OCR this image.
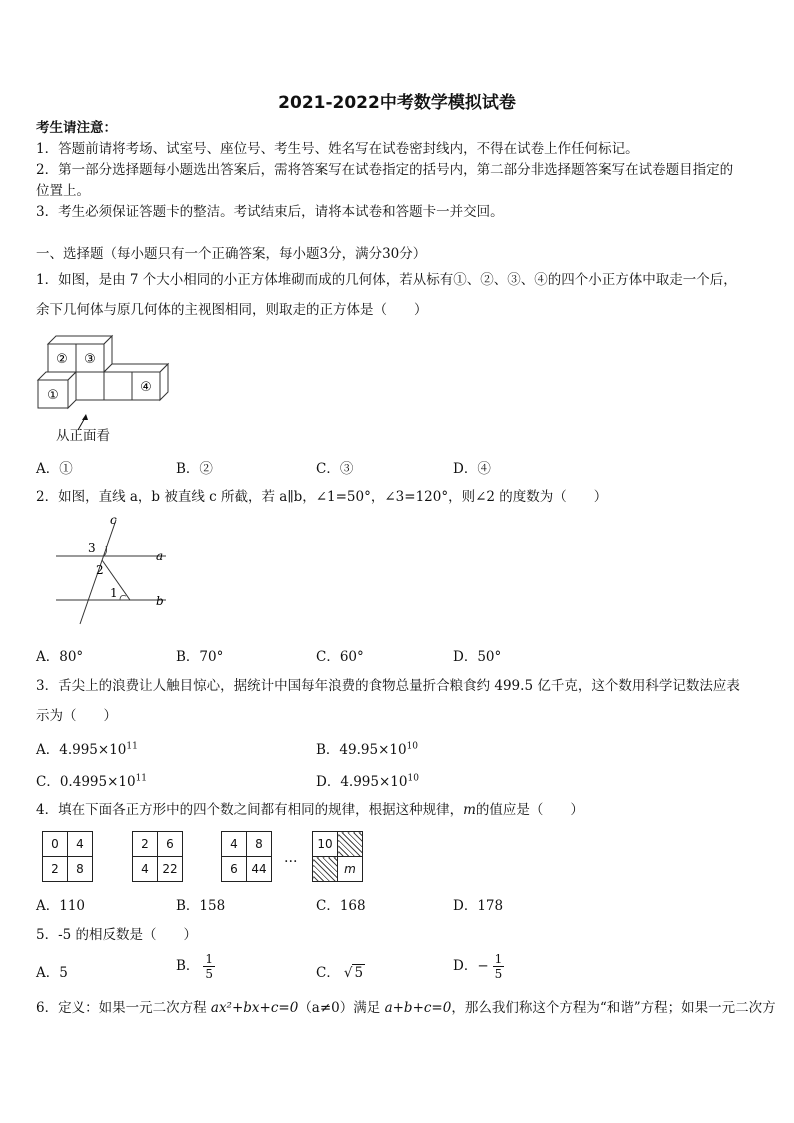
2021-2022中考数学模拟试卷
考生请注意：
1．答题前请将考场、试室号、座位号、考生号、姓名写在试卷密封线内，不得在试卷上作任何标记。
2．第一部分选择题每小题选出答案后，需将答案写在试卷指定的括号内，第二部分非选择题答案写在试卷题目指定的
位置上。
3．考生必须保证答题卡的整洁。考试结束后，请将本试卷和答题卡一并交回。
一、选择题（每小题只有一个正确答案，每小题3分，满分30分）
1．如图，是由 7 个大小相同的小正方体堆砌而成的几何体，若从标有①、②、③、④的四个小正方体中取走一个后，
余下几何体与原几何体的主视图相同，则取走的正方体是（　　）
② ③
①
④
从正面看
A．①	B．②	C．③	D．④
2．如图，直线 a，b 被直线 c 所截，若 a∥b，∠1=50°，∠3=120°，则∠2 的度数为（　　）
c
a
b
3
2
1
A．80°	B．70°	C．60°	D．50°
3．舌尖上的浪费让人触目惊心，据统计中国每年浪费的食物总量折合粮食约 499.5 亿千克，这个数用科学记数法应表
示为（　　）
A．$4.995\times 10^{11}$	B．$49.95\times 10^{10}$
C．$0.4995\times 10^{11}$	D．$4.995\times 10^{10}$
4．填在下面各正方形中的四个数之间都有相同的规律，根据这种规律，m的值应是（　　）
0	4
2	8
2	6
4	22
4	8
6	44
…
10	
	m
A．110	B．158	C．168	D．178
5．-5 的相反数是（　　）
A．5	B． $\frac{1}{5}$	C． √ 5	D．− $\frac{1}{5}$
6．定义：如果一元二次方程 ax²+bx+c=0（a≠0）满足 a+b+c=0，那么我们称这个方程为“和谐”方程；如果一元二次方
